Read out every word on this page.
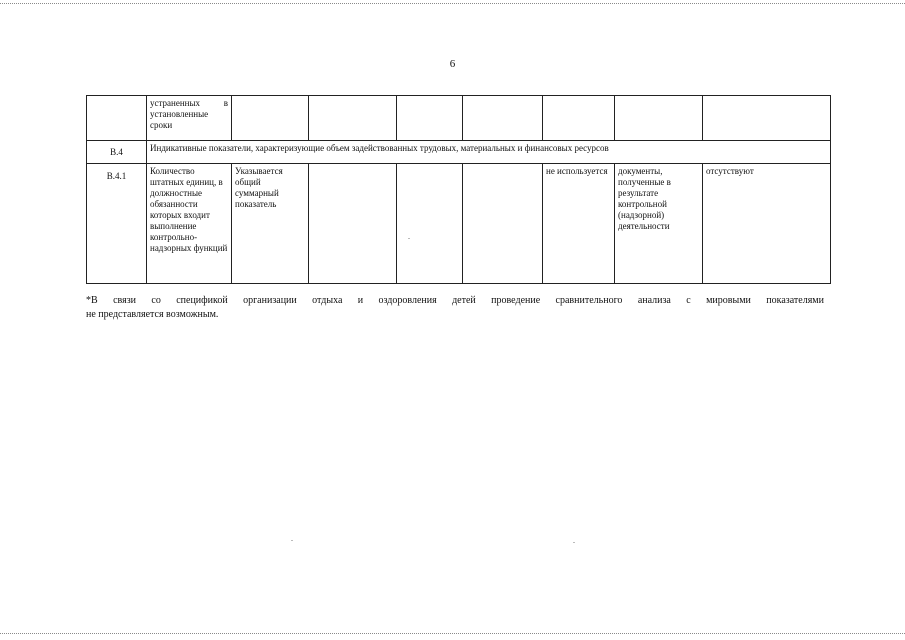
6

	устраненных в
установленные
сроки							

В.4	Индикативные показатели, характеризующие объем задействованных трудовых, материальных и финансовых ресурсов							
В.4.1	Количество штатных единиц, в должностные обязанности которых входит выполнение контрольно-надзорных функций	Указывается общий суммарный показатель				не используется	документы, полученные в результате контрольной (надзорной) деятельности	отсутствуют
*В связи со спецификой организации отдыха и оздоровления детей проведение сравнительного анализа с мировыми показателями
не представляется возможным.
